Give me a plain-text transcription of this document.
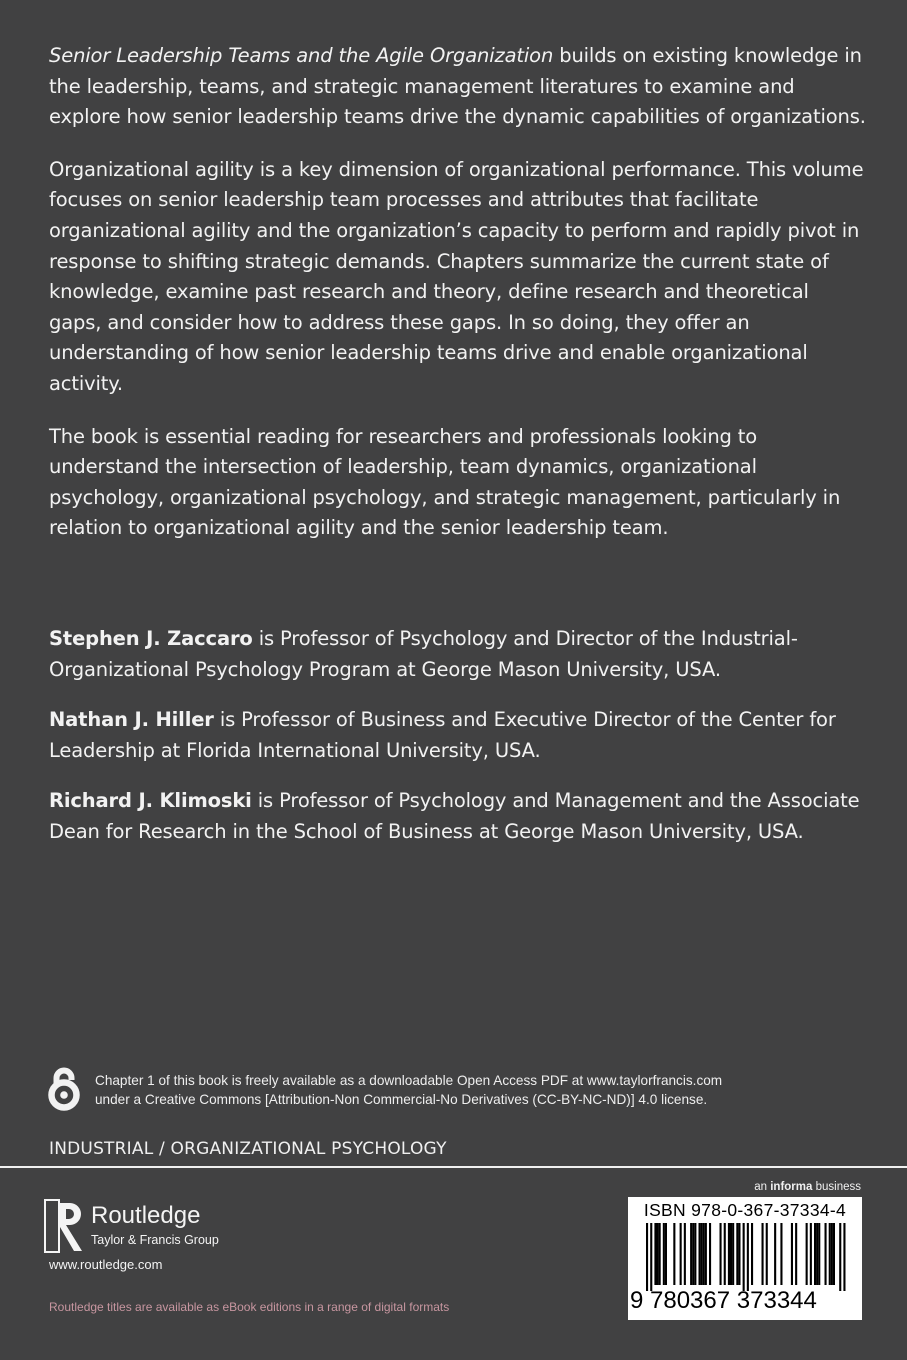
Senior Leadership Teams and the Agile Organization builds on existing knowledge in the leadership, teams, and strategic management literatures to examine and explore how senior leadership teams drive the dynamic capabilities of organizations.

Organizational agility is a key dimension of organizational performance. This volume focuses on senior leadership team processes and attributes that facilitate organizational agility and the organization’s capacity to perform and rapidly pivot in response to shifting strategic demands. Chapters summarize the current state of knowledge, examine past research and theory, define research and theoretical gaps, and consider how to address these gaps. In so doing, they offer an understanding of how senior leadership teams drive and enable organizational activity.

The book is essential reading for researchers and professionals looking to understand the intersection of leadership, team dynamics, organizational psychology, organizational psychology, and strategic management, particularly in relation to organizational agility and the senior leadership team.

Stephen J. Zaccaro is Professor of Psychology and Director of the Industrial-Organizational Psychology Program at George Mason University, USA.

Nathan J. Hiller is Professor of Business and Executive Director of the Center for Leadership at Florida International University, USA.

Richard J. Klimoski is Professor of Psychology and Management and the Associate Dean for Research in the School of Business at George Mason University, USA.

Chapter 1 of this book is freely available as a downloadable Open Access PDF at www.taylorfrancis.com
under a Creative Commons [Attribution-Non Commercial-No Derivatives (CC-BY-NC-ND)] 4.0 license.
INDUSTRIAL / ORGANIZATIONAL PSYCHOLOGY
an informa business
Routledge
Taylor & Francis Group
www.routledge.com
Routledge titles are available as eBook editions in a range of digital formats
ISBN 978-0-367-37334-4
9 780367 373344
